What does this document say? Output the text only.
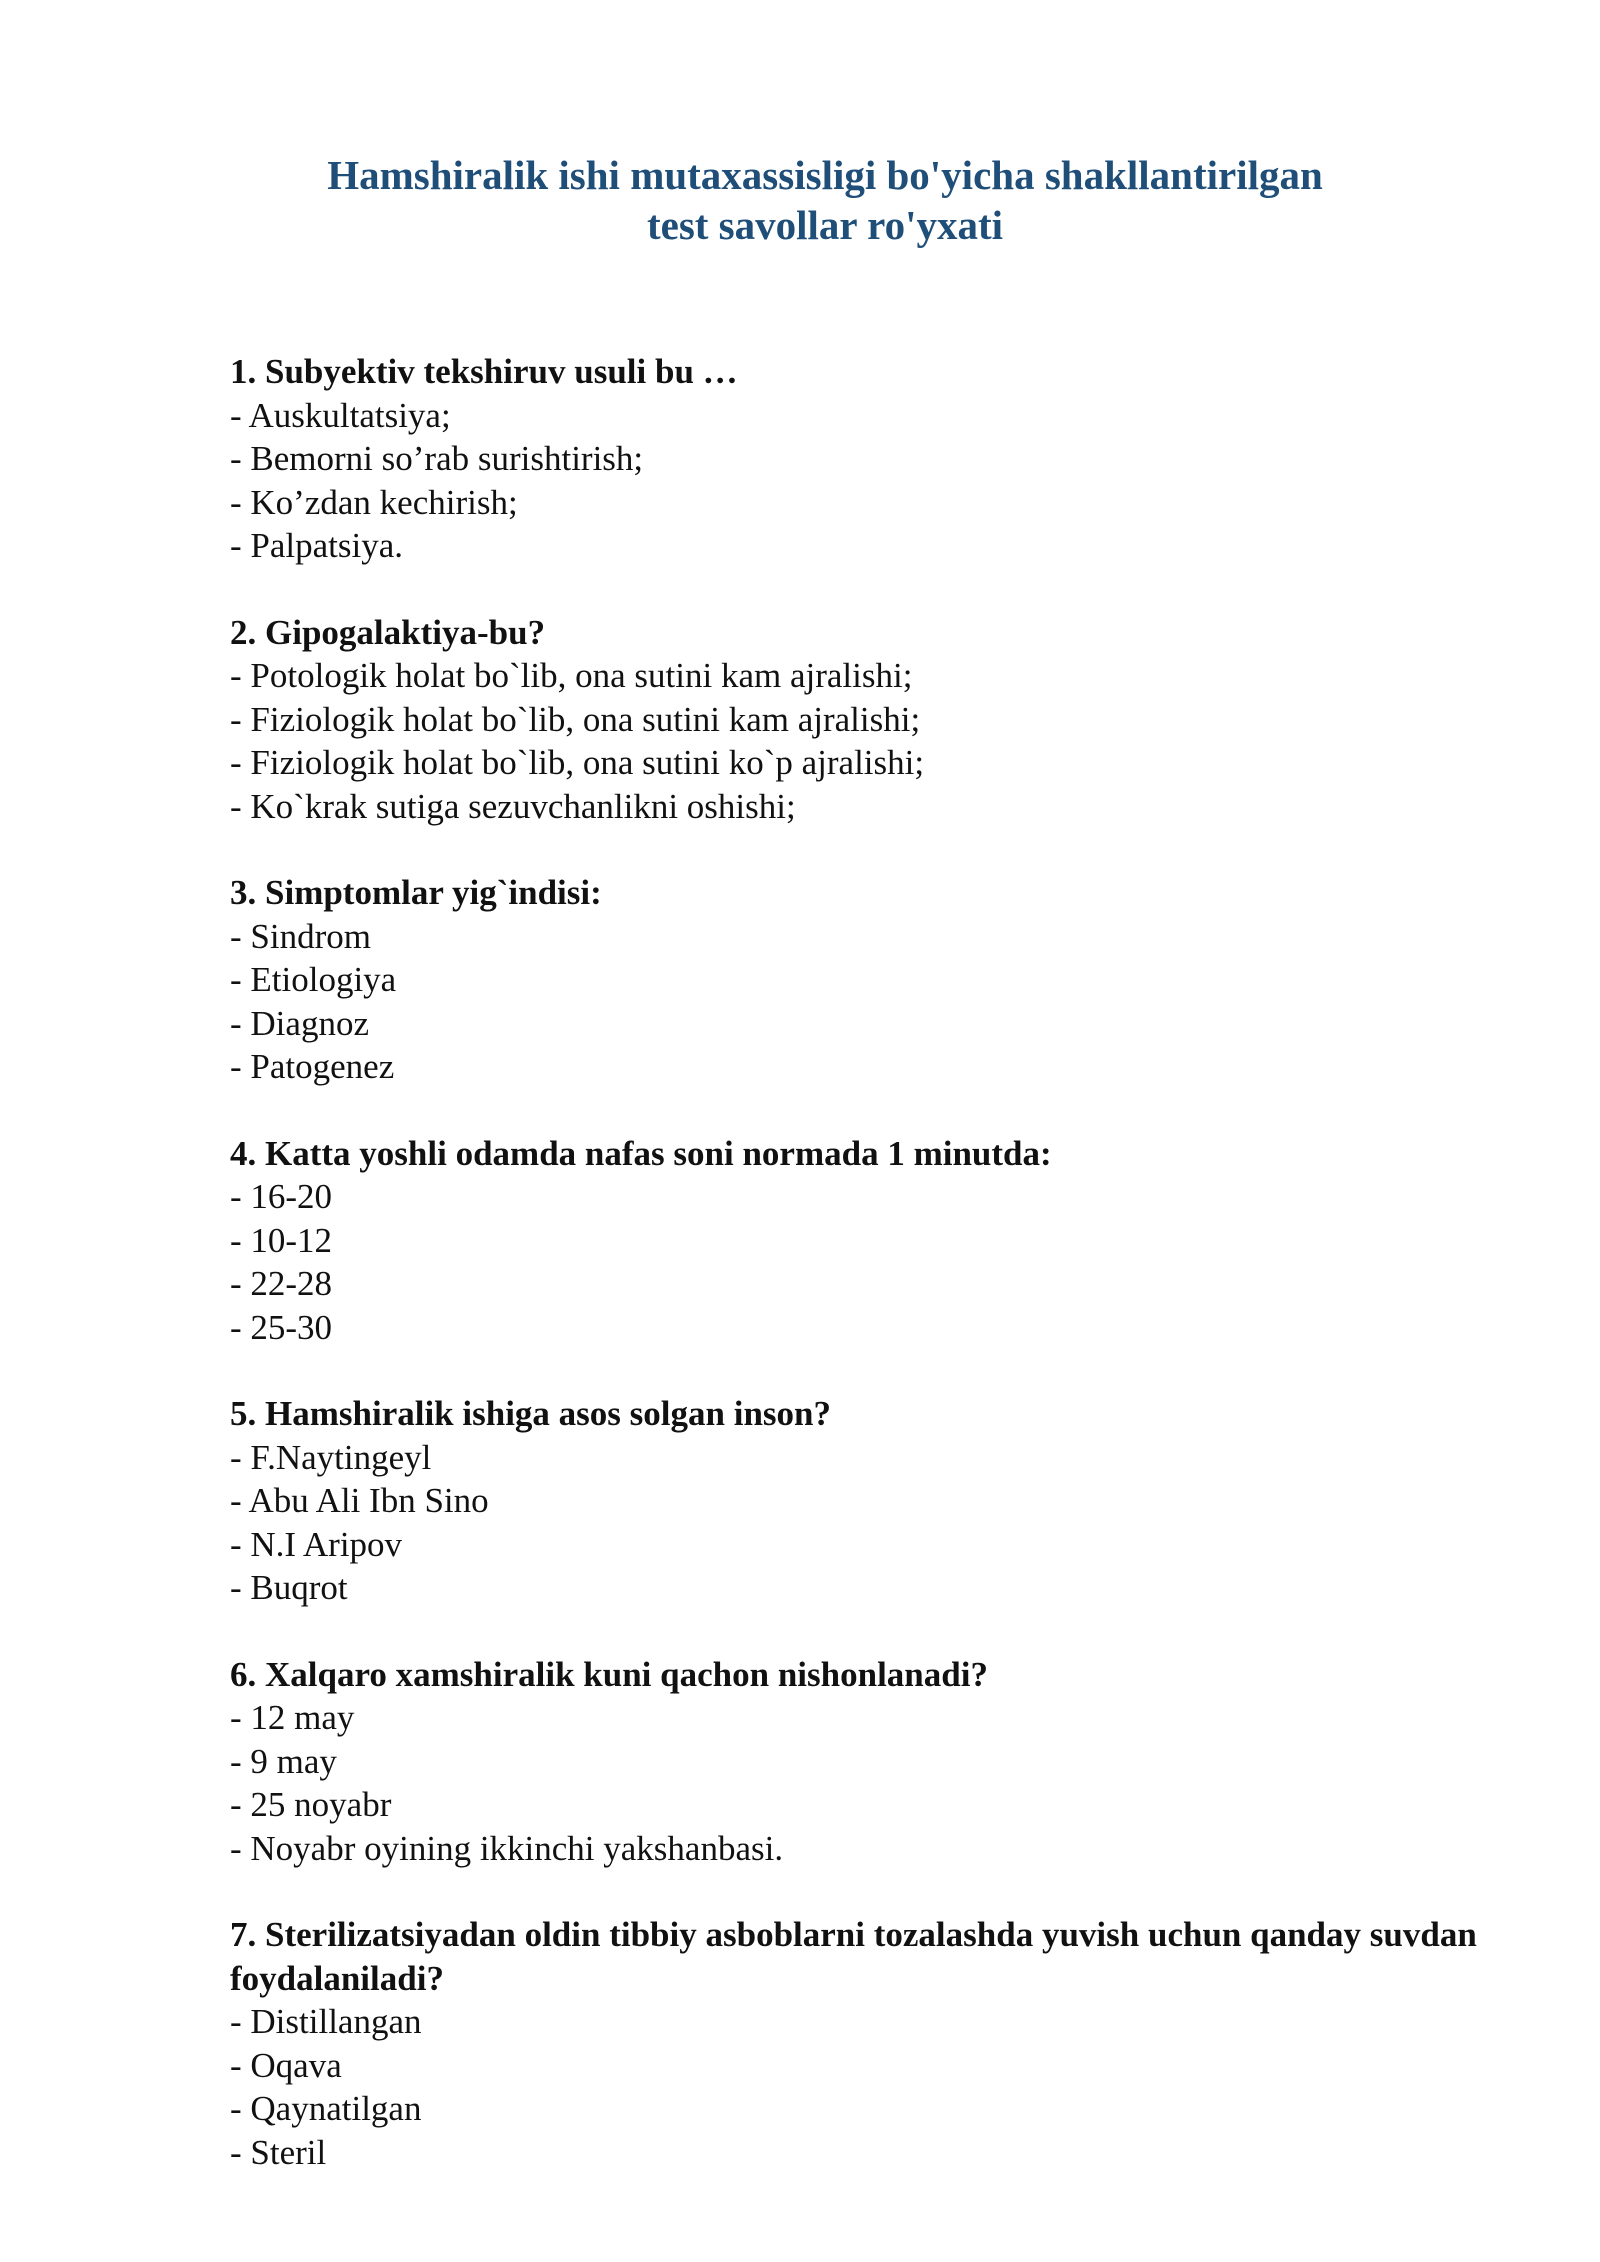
Hamshiralik ishi mutaxassisligi bo'yicha shakllantirilgan
test savollar ro'yxati
1. Subyektiv tekshiruv usuli bu …
- Auskultatsiya;
- Bemorni so’rab surishtirish;
- Ko’zdan kechirish;
- Palpatsiya.
2. Gipogalaktiya-bu?
- Potologik holat bo`lib, ona sutini kam ajralishi;
- Fiziologik holat bo`lib, ona sutini kam ajralishi;
- Fiziologik holat bo`lib, ona sutini ko`p ajralishi;
- Ko`krak sutiga sezuvchanlikni oshishi;
3. Simptomlar yig`indisi:
- Sindrom
- Etiologiya
- Diagnoz
- Patogenez
4. Katta yoshli odamda nafas soni normada 1 minutda:
- 16-20
- 10-12
- 22-28
- 25-30
5. Hamshiralik ishiga asos solgan inson?
- F.Naytingeyl
- Abu Ali Ibn Sino
- N.I Aripov
- Buqrot
6. Xalqaro xamshiralik kuni qachon nishonlanadi?
- 12 may
- 9 may
- 25 noyabr
- Noyabr oyining ikkinchi yakshanbasi.
7. Sterilizatsiyadan oldin tibbiy asboblarni tozalashda yuvish uchun qanday suvdan foydalaniladi?
- Distillangan
- Oqava
- Qaynatilgan
- Steril
